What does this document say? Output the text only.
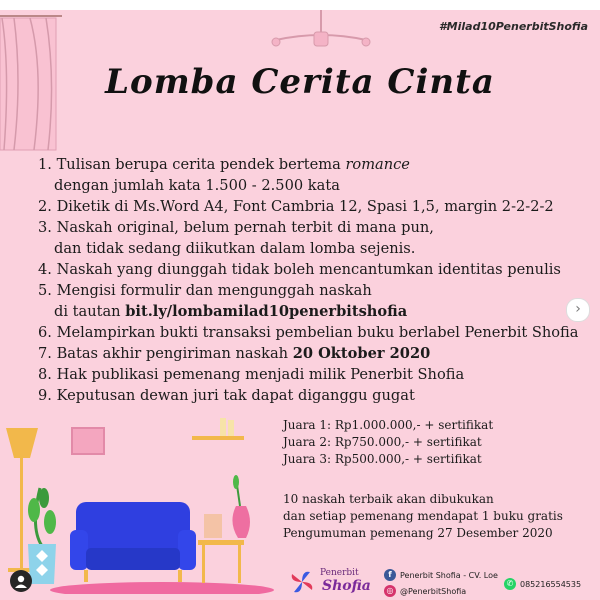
#Milad10PenerbitShofia
Lomba Cerita Cinta
1. Tulisan berupa cerita pendek bertema romance
dengan jumlah kata 1.500 - 2.500 kata
2. Diketik di Ms.Word A4, Font Cambria 12, Spasi 1,5, margin 2-2-2-2
3. Naskah original, belum pernah terbit di mana pun,
dan tidak sedang diikutkan dalam lomba sejenis.
4. Naskah yang diunggah tidak boleh mencantumkan identitas penulis
5. Mengisi formulir dan mengunggah naskah
di tautan bit.ly/lombamilad10penerbitshofia
6. Melampirkan bukti transaksi pembelian buku berlabel Penerbit Shofia
7. Batas akhir pengiriman naskah 20 Oktober 2020
8. Hak publikasi pemenang menjadi milik Penerbit Shofia
9. Keputusan dewan juri tak dapat diganggu gugat
Juara 1: Rp1.000.000,- + sertifikat
Juara 2: Rp750.000,- + sertifikat
Juara 3: Rp500.000,- + sertifikat
10 naskah terbaik akan dibukukan
dan setiap pemenang mendapat 1 buku gratis
Pengumuman pemenang 27 Desember 2020
Penerbit
Shofia
f	Penerbit Shofia - CV. Loe
◎ @PenerbitShofia
✆ 085216554535
›
